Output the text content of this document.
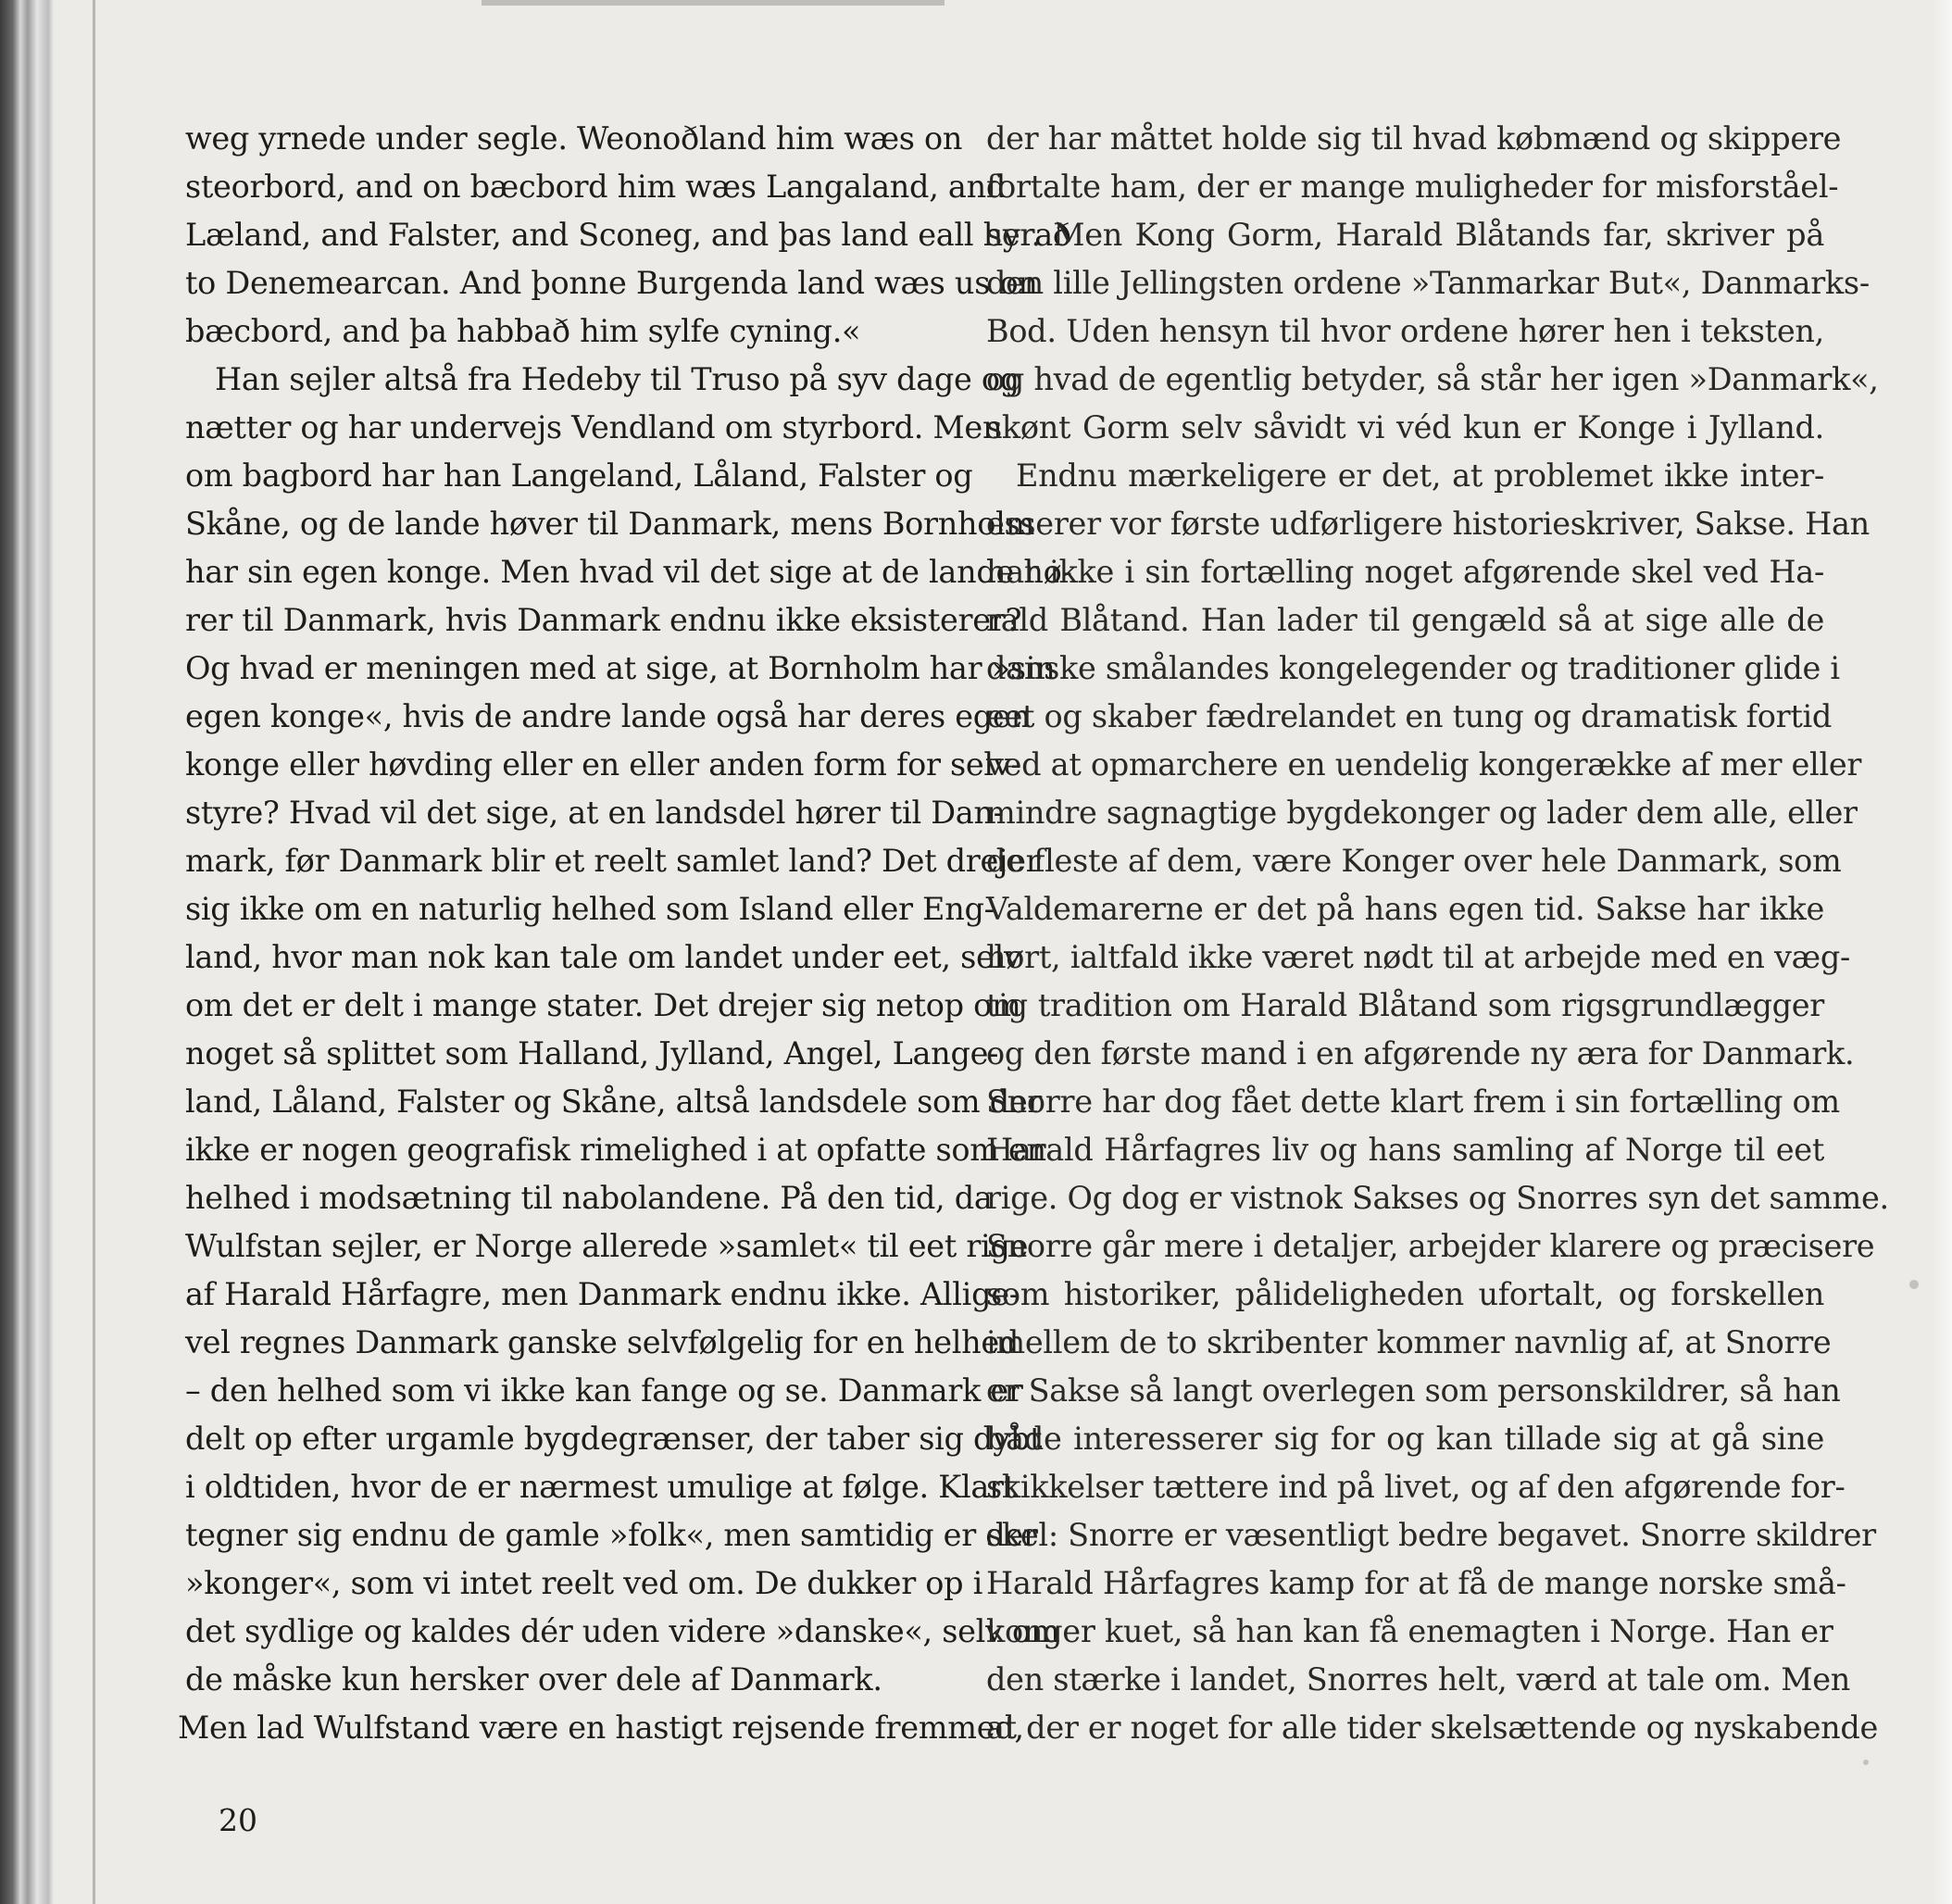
weg yrnede under segle. Weonoðland him wæs on
steorbord, and on bæcbord him wæs Langaland, and
Læland, and Falster, and Sconeg, and þas land eall hyrað
to Denemearcan. And þonne Burgenda land wæs us on
bæcbord, and þa habbað him sylfe cyning.«
Han sejler altså fra Hedeby til Truso på syv dage og
nætter og har undervejs Vendland om styrbord. Men
om bagbord har han Langeland, Låland, Falster og
Skåne, og de lande høver til Danmark, mens Bornholm
har sin egen konge. Men hvad vil det sige at de lande hø-
rer til Danmark, hvis Danmark endnu ikke eksisterer?
Og hvad er meningen med at sige, at Bornholm har »sin
egen konge«, hvis de andre lande også har deres egen
konge eller høvding eller en eller anden form for selv-
styre? Hvad vil det sige, at en landsdel hører til Dan-
mark, før Danmark blir et reelt samlet land? Det drejer
sig ikke om en naturlig helhed som Island eller Eng-
land, hvor man nok kan tale om landet under eet, selv
om det er delt i mange stater. Det drejer sig netop om
noget så splittet som Halland, Jylland, Angel, Lange-
land, Låland, Falster og Skåne, altså landsdele som der
ikke er nogen geografisk rimelighed i at opfatte som en
helhed i modsætning til nabolandene. På den tid, da
Wulfstan sejler, er Norge allerede »samlet« til eet rige
af Harald Hårfagre, men Danmark endnu ikke. Allige-
vel regnes Danmark ganske selvfølgelig for en helhed
– den helhed som vi ikke kan fange og se. Danmark er
delt op efter urgamle bygdegrænser, der taber sig dybt
i oldtiden, hvor de er nærmest umulige at følge. Klart
tegner sig endnu de gamle »folk«, men samtidig er der
»konger«, som vi intet reelt ved om. De dukker op i
det sydlige og kaldes dér uden videre »danske«, selv om
de måske kun hersker over dele af Danmark.
Men lad Wulfstand være en hastigt rejsende fremmed,
der har måttet holde sig til hvad købmænd og skippere
fortalte ham, der er mange muligheder for misforståel-
ser. Men Kong Gorm, Harald Blåtands far, skriver på
den lille Jellingsten ordene »Tanmarkar But«, Danmarks-
Bod. Uden hensyn til hvor ordene hører hen i teksten,
og hvad de egentlig betyder, så står her igen »Danmark«,
skønt Gorm selv såvidt vi véd kun er Konge i Jylland.
Endnu mærkeligere er det, at problemet ikke inter-
esserer vor første udførligere historieskriver, Sakse. Han
har ikke i sin fortælling noget afgørende skel ved Ha-
rald Blåtand. Han lader til gengæld så at sige alle de
danske smålandes kongelegender og traditioner glide i
eet og skaber fædrelandet en tung og dramatisk fortid
ved at opmarchere en uendelig kongerække af mer eller
mindre sagnagtige bygdekonger og lader dem alle, eller
de fleste af dem, være Konger over hele Danmark, som
Valdemarerne er det på hans egen tid. Sakse har ikke
hørt, ialtfald ikke været nødt til at arbejde med en væg-
tig tradition om Harald Blåtand som rigsgrundlægger
og den første mand i en afgørende ny æra for Danmark.
Snorre har dog fået dette klart frem i sin fortælling om
Harald Hårfagres liv og hans samling af Norge til eet
rige. Og dog er vistnok Sakses og Snorres syn det samme.
Snorre går mere i detaljer, arbejder klarere og præcisere
som historiker, pålideligheden ufortalt, og forskellen
imellem de to skribenter kommer navnlig af, at Snorre
er Sakse så langt overlegen som personskildrer, så han
både interesserer sig for og kan tillade sig at gå sine
skikkelser tættere ind på livet, og af den afgørende for-
skel: Snorre er væsentligt bedre begavet. Snorre skildrer
Harald Hårfagres kamp for at få de mange norske små-
konger kuet, så han kan få enemagten i Norge. Han er
den stærke i landet, Snorres helt, værd at tale om. Men
at der er noget for alle tider skelsættende og nyskabende
20
